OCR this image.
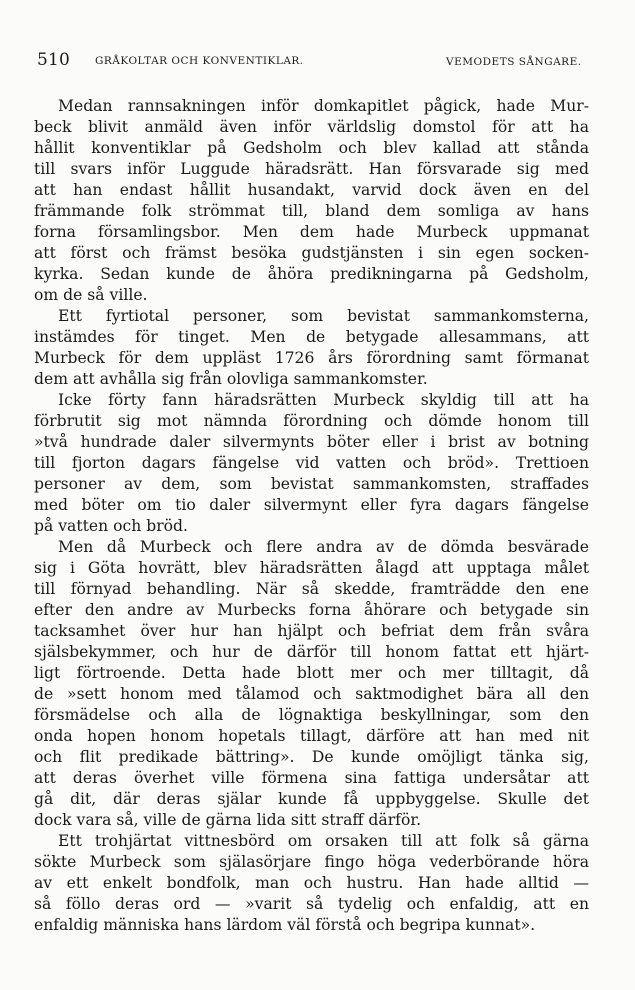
510 GRÅKOLTAR OCH KONVENTIKLAR.	VEMODETS SÅNGARE.
Medan rannsakningen inför domkapitlet pågick, hade Mur-
beck blivit anmäld även inför världslig domstol för att ha
hållit konventiklar på Gedsholm och blev kallad att stånda
till svars inför Luggude häradsrätt. Han försvarade sig med
att han endast hållit husandakt, varvid dock även en del
främmande folk strömmat till, bland dem somliga av hans
forna församlingsbor. Men dem hade Murbeck uppmanat
att först och främst besöka gudstjänsten i sin egen socken-
kyrka. Sedan kunde de åhöra predikningarna på Gedsholm,
om de så ville.
Ett fyrtiotal personer, som bevistat sammankomsterna,
instämdes för tinget. Men de betygade allesammans, att
Murbeck för dem uppläst 1726 års förordning samt förmanat
dem att avhålla sig från olovliga sammankomster.
Icke förty fann häradsrätten Murbeck skyldig till att ha
förbrutit sig mot nämnda förordning och dömde honom till
»två hundrade daler silvermynts böter eller i brist av botning
till fjorton dagars fängelse vid vatten och bröd». Trettioen
personer av dem, som bevistat sammankomsten, straffades
med böter om tio daler silvermynt eller fyra dagars fängelse
på vatten och bröd.
Men då Murbeck och flere andra av de dömda besvärade
sig i Göta hovrätt, blev häradsrätten ålagd att upptaga målet
till förnyad behandling. När så skedde, framträdde den ene
efter den andre av Murbecks forna åhörare och betygade sin
tacksamhet över hur han hjälpt och befriat dem från svåra
själsbekymmer, och hur de därför till honom fattat ett hjärt-
ligt förtroende. Detta hade blott mer och mer tilltagit, då
de »sett honom med tålamod och saktmodighet bära all den
försmädelse och alla de lögnaktiga beskyllningar, som den
onda hopen honom hopetals tillagt, därföre att han med nit
och flit predikade bättring». De kunde omöjligt tänka sig,
att deras överhet ville förmena sina fattiga undersåtar att
gå dit, där deras själar kunde få uppbyggelse. Skulle det
dock vara så, ville de gärna lida sitt straff därför.
Ett trohjärtat vittnesbörd om orsaken till att folk så gärna
sökte Murbeck som själasörjare fingo höga vederbörande höra
av ett enkelt bondfolk, man och hustru. Han hade alltid —
så föllo deras ord — »varit så tydelig och enfaldig, att en
enfaldig människa hans lärdom väl förstå och begripa kunnat».
